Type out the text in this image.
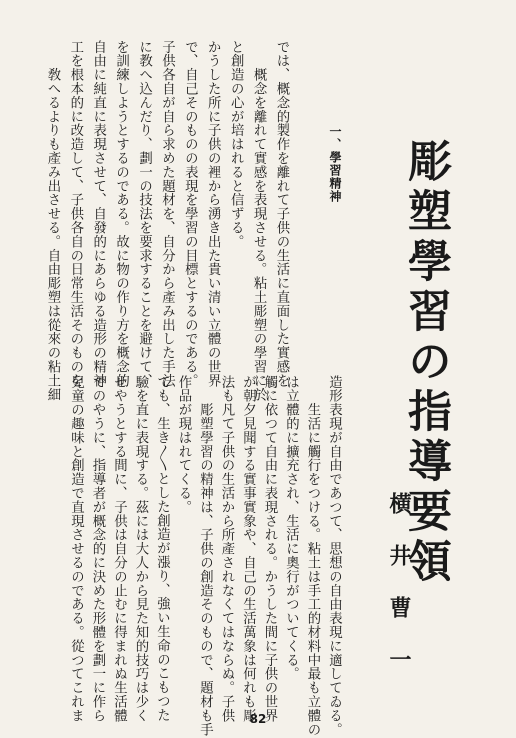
彫塑學習の指導要領
横井曹一
一、學習精神

では、概念的製作を離れて子供の生活に直面した實感を
　　概念を離れて實感を表現させる。粘土彫塑の學習に於
と創造の心が培はれると信ずる。
かうした所に子供の裡から湧き出た貴い清い立體の世界
で、自己そのものの表現を學習の目標とするのである。
子供各自が自ら求めた題材を、自分から產み出した手法
に教へ込んだり、劃一の技法を要求することを避けて、
を訓練しようとするのである。故に物の作り方を概念的
自由に純直に表現させて、自發的にあらゆる造形の精神
工を根本的に改造して、子供各自の日常生活そのものを
　　敎へるよりも產み出させる。自由彫塑は從來の粘土細

造形表現が自由であつて、思想の自由表現に適してゐる。
　　生活に觸行をつける。粘土は手工的材料中最も立體の
は立體的に擴充され、生活に奧行がついてくる。
觸に依つて自由に表現される。かうした間に子供の世界
が朝夕見聞する實事實象や、自己の生活萬象は何れも彫
法も凡て子供の生活から所產されなくてはならぬ。子供
　　彫塑學習の精神は、子供の創造そのもので、題材も手
作品が現はれてくる。
ても、生き〳〵とした創造が漲り、強い生命のこもつた
驗を直に表現する。茲には大人から見た知的技巧は少く
せやうとする間に、子供は自分の止むに得まれぬ生活體
でのやうに、指導者が概念的に決めた形體を劃一に作ら
兒童の趣味と創造で直現させるのである。從つてこれま	82
